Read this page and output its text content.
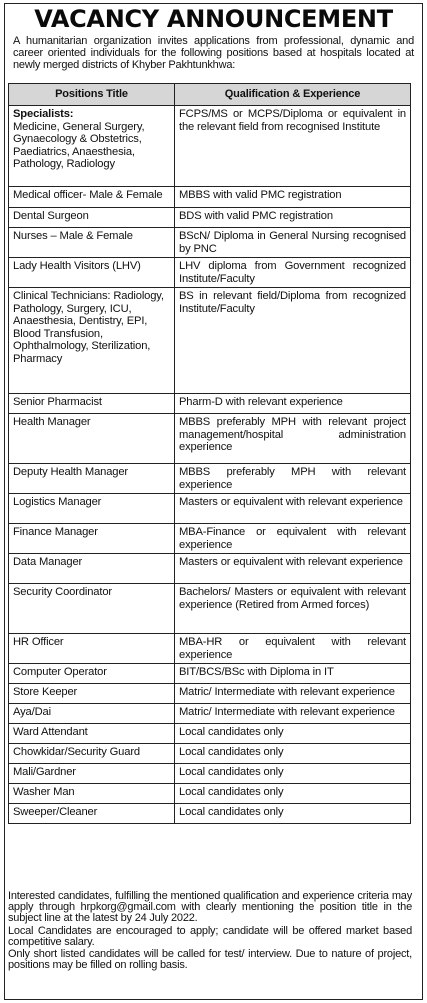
VACANCY ANNOUNCEMENT
A humanitarian organization invites applications from professional, dynamic and career oriented individuals for the following positions based at hospitals located at newly merged districts of Khyber Pakhtunkhwa:
Positions Title	Qualification & Experience

Specialists:
Medicine, General Surgery, Gynaecology & Obstetrics, Paediatrics, Anaesthesia, Pathology, Radiology	FCPS/MS or MCPS/Diploma or equivalent in the relevant field from recognised Institute

Medical officer- Male & Female	MBBS with valid PMC registration

Dental Surgeon	BDS with valid PMC registration

Nurses – Male & Female	BScN/ Diploma in General Nursing recognised by PNC

Lady Health Visitors (LHV)	LHV diploma from Government recognized Institute/Faculty

Clinical Technicians: Radiology, Pathology, Surgery, ICU, Anaesthesia, Dentistry, EPI, Blood Transfusion, Ophthalmology, Sterilization, Pharmacy	BS in relevant field/Diploma from recognized Institute/Faculty

Senior Pharmacist	Pharm-D with relevant experience

Health Manager	MBBS preferably MPH with relevant project management/hospital administration experience

Deputy Health Manager	MBBS preferably MPH with relevant experience

Logistics Manager	Masters or equivalent with relevant experience

Finance Manager	MBA-Finance or equivalent with relevant experience

Data Manager	Masters or equivalent with relevant experience

Security Coordinator	Bachelors/ Masters or equivalent with relevant experience (Retired from Armed forces)

HR Officer	MBA-HR or equivalent with relevant experience

Computer Operator	BIT/BCS/BSc with Diploma in IT

Store Keeper	Matric/ Intermediate with relevant experience

Aya/Dai	Matric/ Intermediate with relevant experience

Ward Attendant	Local candidates only

Chowkidar/Security Guard	Local candidates only

Mali/Gardner	Local candidates only

Washer Man	Local candidates only

Sweeper/Cleaner	Local candidates only

Interested candidates, fulfilling the mentioned qualification and experience criteria may apply through hrpkorg@gmail.com with clearly mentioning the position title in the subject line at the latest by 24 July 2022.

Local Candidates are encouraged to apply; candidate will be offered market based competitive salary.

Only short listed candidates will be called for test/ interview. Due to nature of project, positions may be filled on rolling basis.
